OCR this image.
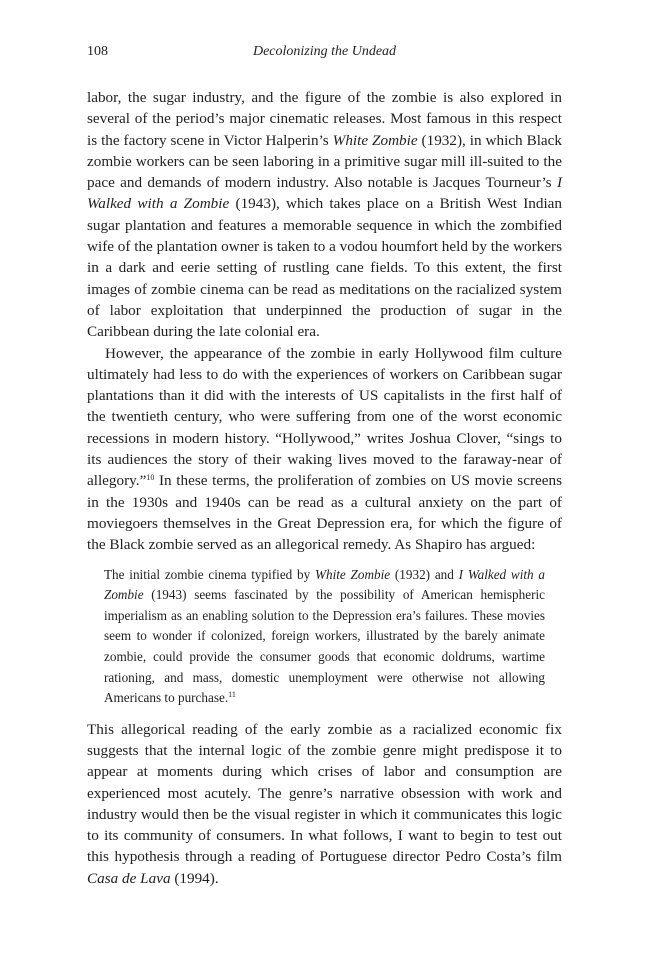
108	Decolonizing the Undead

labor, the sugar industry, and the figure of the zombie is also explored in several of the period’s major cinematic releases. Most famous in this respect is the factory scene in Victor Halperin’s White Zombie (1932), in which Black zombie workers can be seen laboring in a primitive sugar mill ill-suited to the pace and demands of modern industry. Also notable is Jacques Tourneur’s I Walked with a Zombie (1943), which takes place on a British West Indian sugar plantation and features a memorable sequence in which the zombified wife of the plantation owner is taken to a vodou houmfort held by the workers in a dark and eerie setting of rustling cane fields. To this extent, the first images of zombie cinema can be read as meditations on the racialized system of labor exploitation that underpinned the production of sugar in the Caribbean during the late colonial era.

However, the appearance of the zombie in early Hollywood film culture ultimately had less to do with the experiences of workers on Caribbean sugar plantations than it did with the interests of US capitalists in the first half of the twentieth century, who were suffering from one of the worst economic recessions in modern history. “Hollywood,” writes Joshua Clover, “sings to its audiences the story of their waking lives moved to the faraway-near of allegory.”$^{10}$ In these terms, the proliferation of zombies on US movie screens in the 1930s and 1940s can be read as a cultural anxiety on the part of moviegoers themselves in the Great Depression era, for which the figure of the Black zombie served as an allegorical remedy. As Shapiro has argued:

The initial zombie cinema typified by White Zombie (1932) and I Walked with a Zombie (1943) seems fascinated by the possibility of American hemispheric imperialism as an enabling solution to the Depression era’s failures. These movies seem to wonder if colonized, foreign workers, illustrated by the barely animate zombie, could provide the consumer goods that economic doldrums, wartime rationing, and mass, domestic unemployment were otherwise not allowing Americans to purchase.$^{11}$

This allegorical reading of the early zombie as a racialized economic fix suggests that the internal logic of the zombie genre might predispose it to appear at moments during which crises of labor and consumption are experienced most acutely. The genre’s narrative obsession with work and industry would then be the visual register in which it communicates this logic to its community of consumers. In what follows, I want to begin to test out this hypothesis through a reading of Portuguese director Pedro Costa’s film Casa de Lava (1994).
